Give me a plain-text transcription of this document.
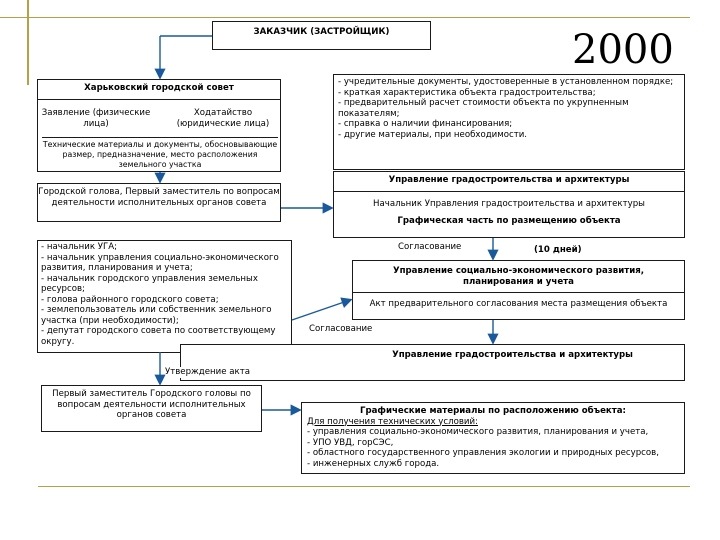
2000
ЗАКАЗЧИК (ЗАСТРОЙЩИК)
Харьковский городской совет
Заявление (физические лица)
Ходатайство (юридические лица)
Технические материалы и документы, обосновывающие размер, предназначение, место расположения земельного участка

- учредительные документы, удостоверенные в установленном порядке;

- краткая характеристика объекта градостроительства;

- предварительный расчет стоимости объекта по укрупненным показателям;

- справка о наличии финансирования;

- другие материалы, при необходимости.

Городской голова, Первый заместитель по вопросам деятельности исполнительных органов совета
Управление градостроительства и архитектуры
Начальник Управления градостроительства и архитектуры
Графическая часть по размещению объекта
Согласование	(10 дней)

- начальник УГА;

- начальник управления социально-экономического развития, планирования и учета;

- начальник городского управления земельных ресурсов;

- голова районного городского совета;

- землепользователь или собственник земельного участка (при необходимости);

- депутат городского совета по соответствующему округу.

Управление социально-экономического развития, планирования и учета
Акт предварительного согласования места размещения объекта
Согласование
Управление градостроительства и архитектуры
Утверждение акта
Первый заместитель Городского головы по вопросам деятельности исполнительных органов совета	Графические материалы по расположению объекта:

Для получения технических условий:

- управления социально-экономического развития, планирования и учета,

- УПО УВД, горСЭС,

- областного государственного управления экологии и природных ресурсов,

- инженерных служб города.
